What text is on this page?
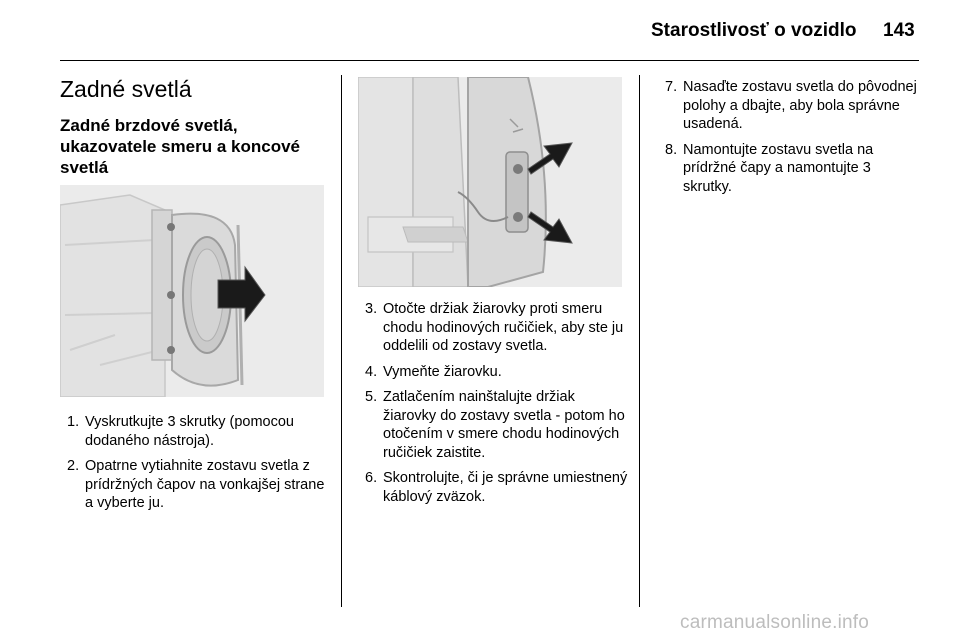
Starostlivosť o vozidlo 143
Zadné svetlá
Zadné brzdové svetlá, ukazovatele smeru a koncové svetlá
1. Vyskrutkujte 3 skrutky (pomocou dodaného nástroja).
2. Opatrne vytiahnite zostavu svetla z prídržných čapov na vonkajšej strane a vyberte ju.
3. Otočte držiak žiarovky proti smeru chodu hodinových ručičiek, aby ste ju oddelili od zostavy svetla.
4. Vymeňte žiarovku.
5. Zatlačením nainštalujte držiak žiarovky do zostavy svetla - potom ho otočením v smere chodu hodinových ručičiek zaistite.
6. Skontrolujte, či je správne umiestnený káblový zväzok.
7. Nasaďte zostavu svetla do pôvodnej polohy a dbajte, aby bola správne usadená.
8. Namontujte zostavu svetla na prídržné čapy a namontujte 3 skrutky.
carmanualsonline.info
